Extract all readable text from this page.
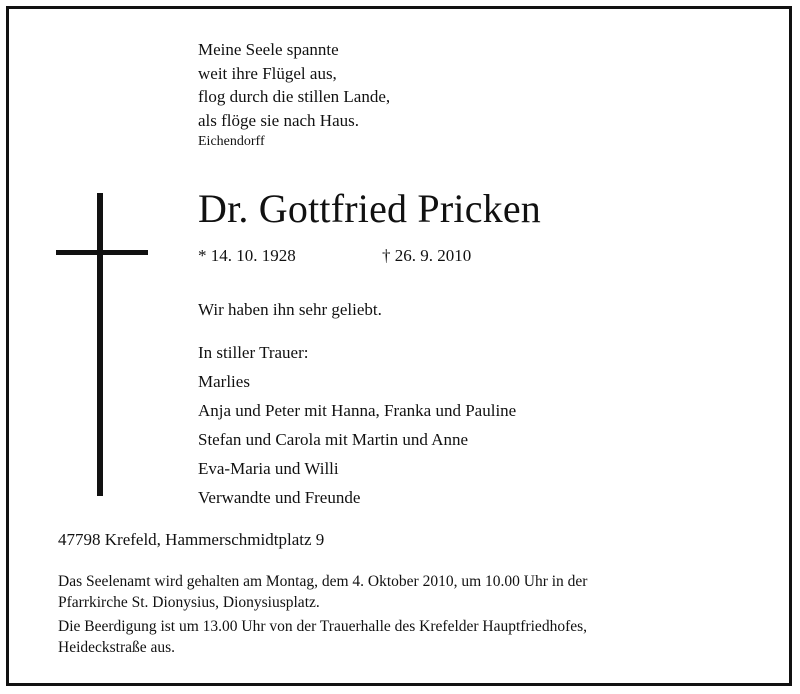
Meine Seele spannte
weit ihre Flügel aus,
flog durch die stillen Lande,
als flöge sie nach Haus.
Eichendorff
Dr. Gottfried Pricken
* 14. 10. 1928	† 26. 9. 2010
Wir haben ihn sehr geliebt.
In stiller Trauer:
Marlies
Anja und Peter mit Hanna, Franka und Pauline
Stefan und Carola mit Martin und Anne
Eva-Maria und Willi
Verwandte und Freunde
47798 Krefeld, Hammerschmidtplatz 9
Das Seelenamt wird gehalten am Montag, dem 4. Oktober 2010, um 10.00 Uhr in der
Pfarrkirche St. Dionysius, Dionysiusplatz.
Die Beerdigung ist um 13.00 Uhr von der Trauerhalle des Krefelder Hauptfriedhofes,
Heideckstraße aus.
